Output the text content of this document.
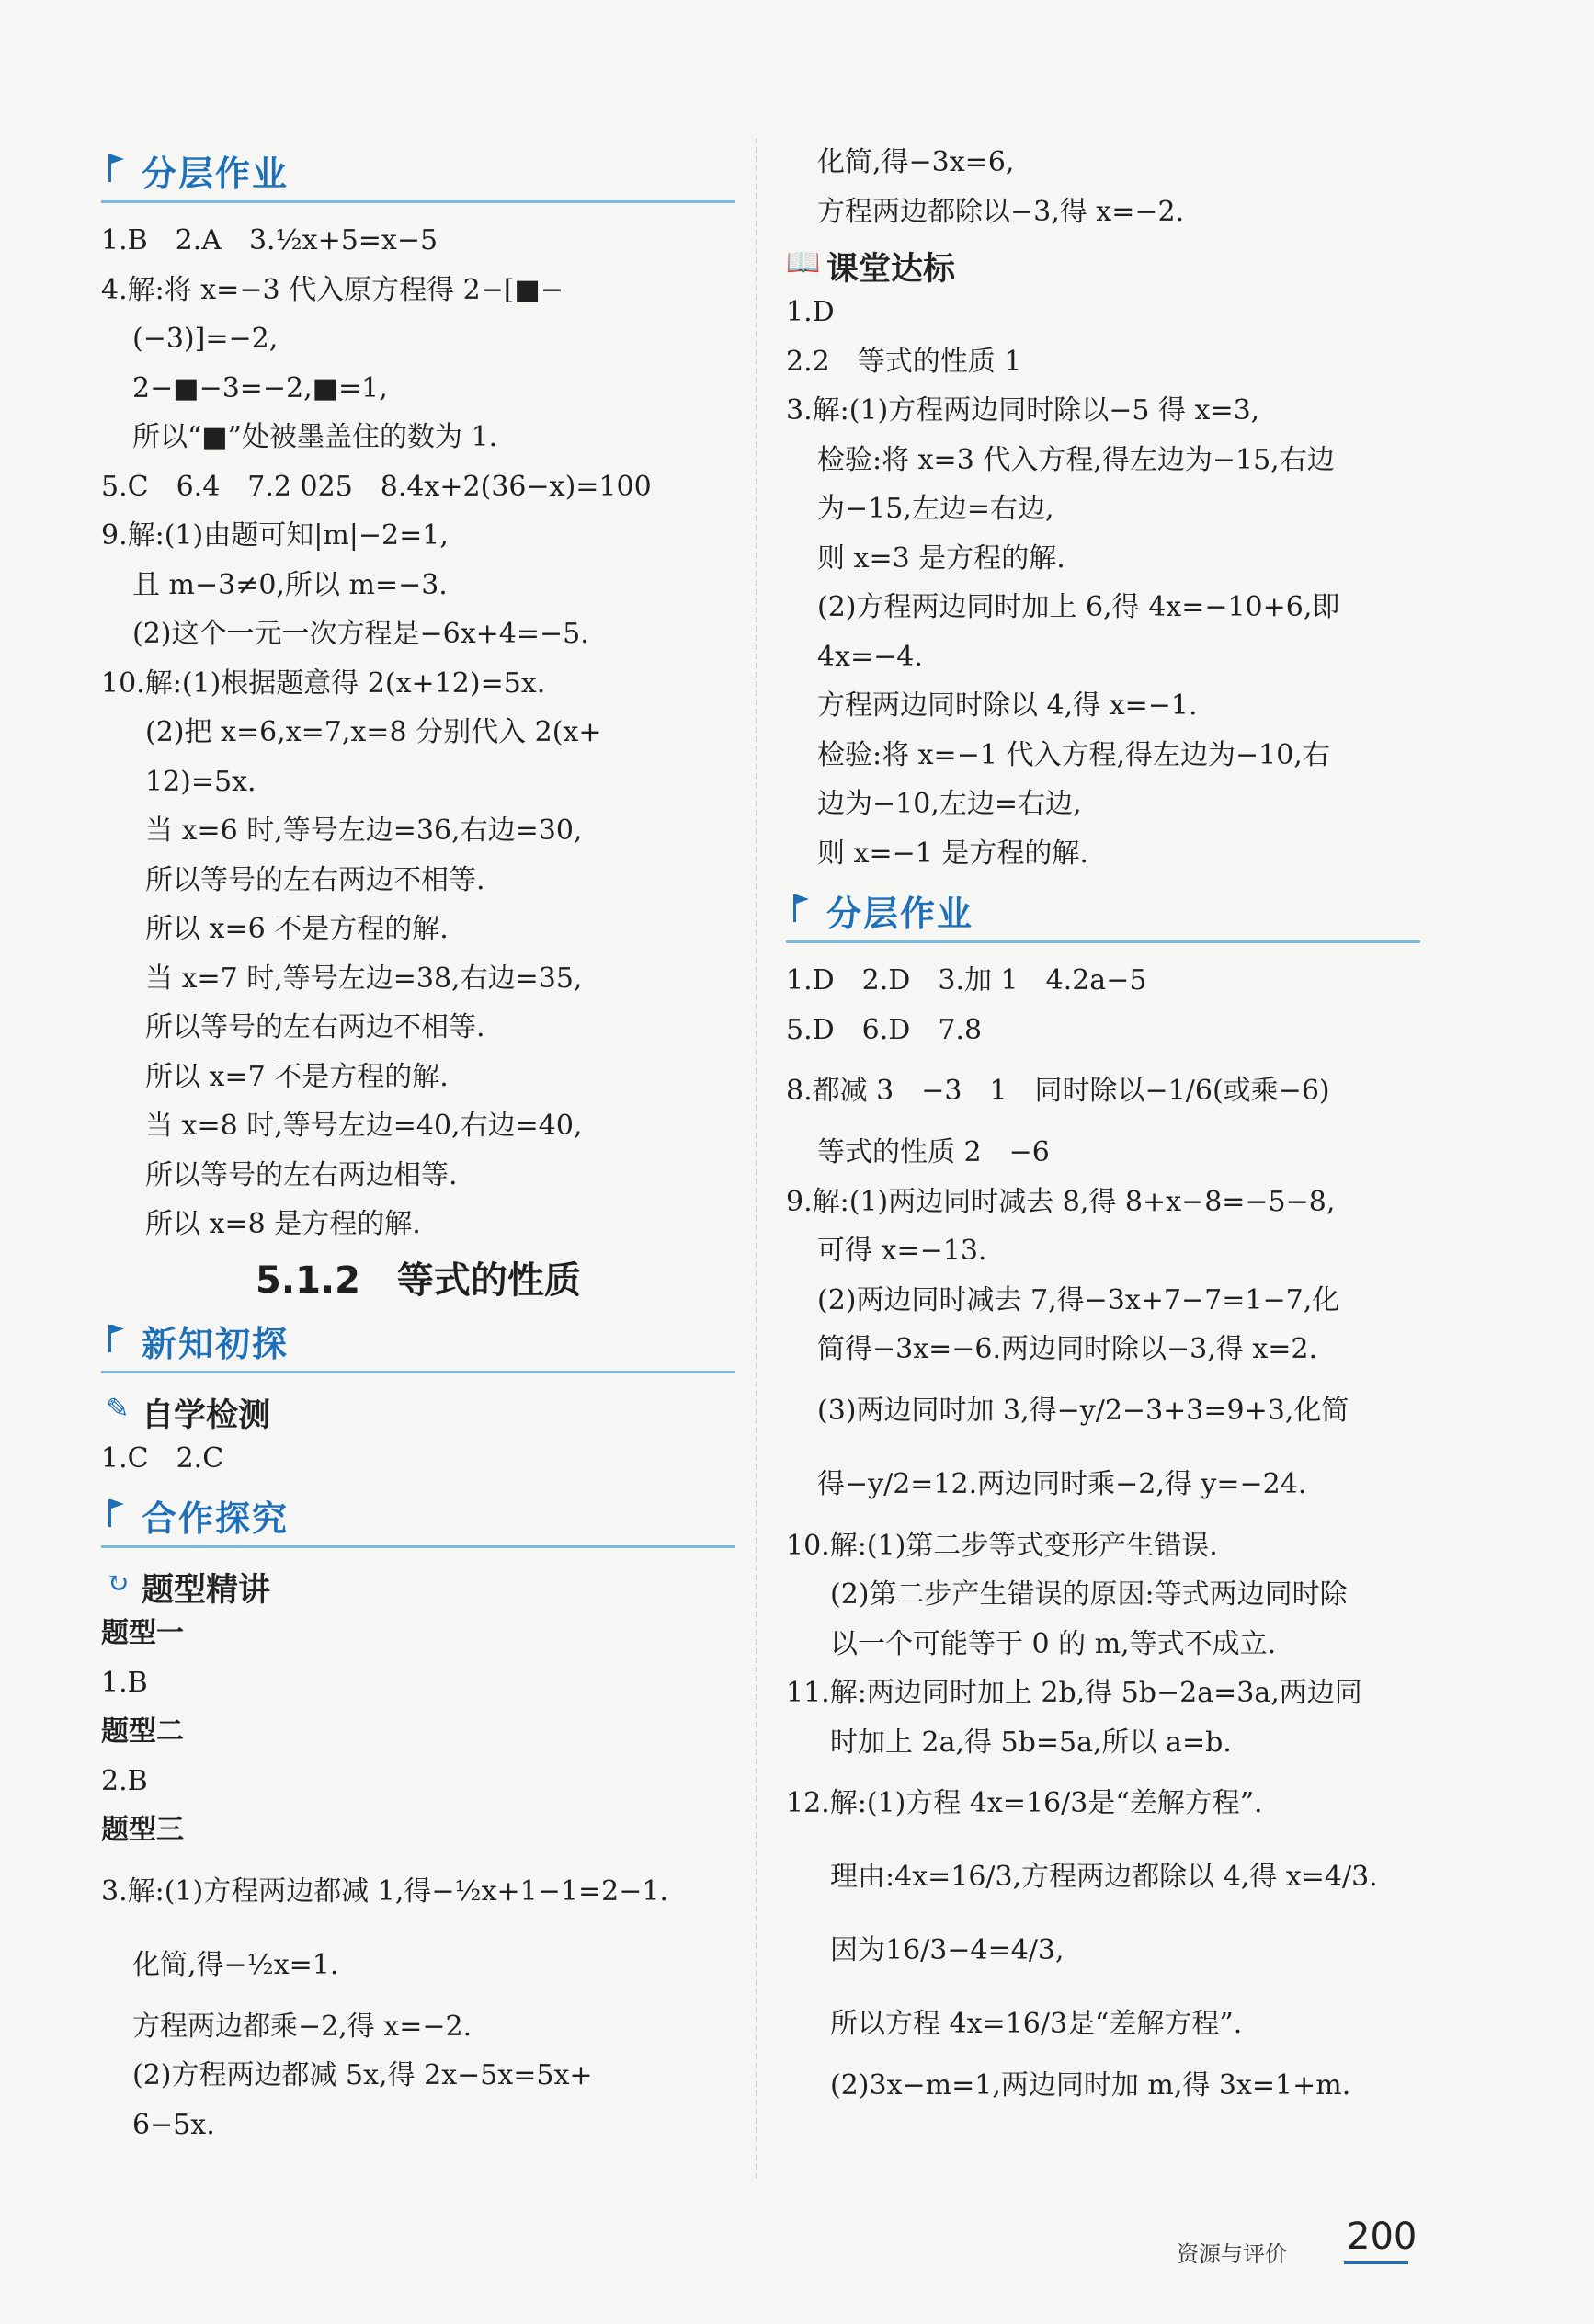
分层作业
1.B　2.A　3.½x+5=x−5
4.解:将 x=−3 代入原方程得 2−[■−
(−3)]=−2,
2−■−3=−2,■=1,
所以“■”处被墨盖住的数为 1.
5.C　6.4　7.2 025　8.4x+2(36−x)=100
9.解:(1)由题可知|m|−2=1,
且 m−3≠0,所以 m=−3.
(2)这个一元一次方程是−6x+4=−5.
10.解:(1)根据题意得 2(x+12)=5x.
(2)把 x=6,x=7,x=8 分别代入 2(x+
12)=5x.
当 x=6 时,等号左边=36,右边=30,
所以等号的左右两边不相等.
所以 x=6 不是方程的解.
当 x=7 时,等号左边=38,右边=35,
所以等号的左右两边不相等.
所以 x=7 不是方程的解.
当 x=8 时,等号左边=40,右边=40,
所以等号的左右两边相等.
所以 x=8 是方程的解.
5.1.2　等式的性质
新知初探
✎ 自学检测
1.C　2.C
合作探究
↻ 题型精讲
题型一
1.B
题型二
2.B
题型三
3.解:(1)方程两边都减 1,得−½x+1−1=2−1.
化简,得−½x=1.
方程两边都乘−2,得 x=−2.
(2)方程两边都减 5x,得 2x−5x=5x+
6−5x.
化简,得−3x=6,
方程两边都除以−3,得 x=−2.
📖 课堂达标
1.D
2.2　等式的性质 1
3.解:(1)方程两边同时除以−5 得 x=3,
检验:将 x=3 代入方程,得左边为−15,右边
为−15,左边=右边,
则 x=3 是方程的解.
(2)方程两边同时加上 6,得 4x=−10+6,即
4x=−4.
方程两边同时除以 4,得 x=−1.
检验:将 x=−1 代入方程,得左边为−10,右
边为−10,左边=右边,
则 x=−1 是方程的解.
分层作业
1.D　2.D　3.加 1　4.2a−5
5.D　6.D　7.8
8.都减 3　−3　1　同时除以−1/6(或乘−6)
等式的性质 2　−6
9.解:(1)两边同时减去 8,得 8+x−8=−5−8,
可得 x=−13.
(2)两边同时减去 7,得−3x+7−7=1−7,化
简得−3x=−6.两边同时除以−3,得 x=2.
(3)两边同时加 3,得−y/2−3+3=9+3,化简
得−y/2=12.两边同时乘−2,得 y=−24.
10.解:(1)第二步等式变形产生错误.
(2)第二步产生错误的原因:等式两边同时除
以一个可能等于 0 的 m,等式不成立.
11.解:两边同时加上 2b,得 5b−2a=3a,两边同
时加上 2a,得 5b=5a,所以 a=b.
12.解:(1)方程 4x=16/3是“差解方程”.
理由:4x=16/3,方程两边都除以 4,得 x=4/3.
因为16/3−4=4/3,
所以方程 4x=16/3是“差解方程”.
(2)3x−m=1,两边同时加 m,得 3x=1+m.
资源与评价 200
